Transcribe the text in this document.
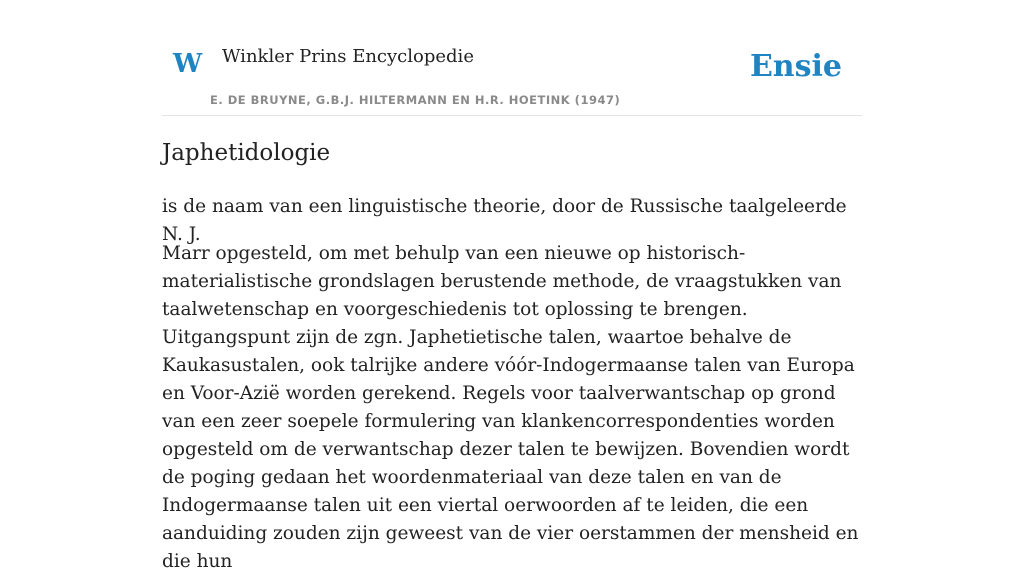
W Winkler Prins Encyclopedie
E. DE BRUYNE, G.B.J. HILTERMANN EN H.R. HOETINK (1947)
Ensie
Japhetidologie

is de naam van een linguistische theorie, door de Russische taalgeleerde N. J.

Marr opgesteld, om met behulp van een nieuwe op historisch-materialistische grondslagen berustende methode, de vraagstukken van taalwetenschap en voorgeschiedenis tot oplossing te brengen. Uitgangspunt zijn de zgn. Japhetietische talen, waartoe behalve de Kaukasustalen, ook talrijke andere vóór-Indogermaanse talen van Europa en Voor-Azië worden gerekend. Regels voor taalverwantschap op grond van een zeer soepele formulering van klankencorrespondenties worden opgesteld om de verwantschap dezer talen te bewijzen. Bovendien wordt de poging gedaan het woordenmateriaal van deze talen en van de Indogermaanse talen uit een viertal oerwoorden af te leiden, die een aanduiding zouden zijn geweest van de vier oerstammen der mensheid en die hun
